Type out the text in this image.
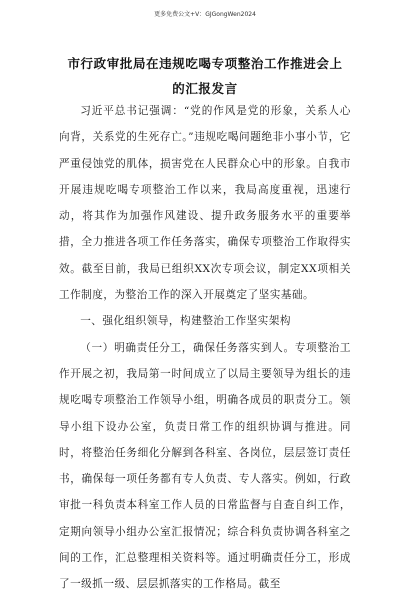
更多免费公文+V：GJGongWen2024
市行政审批局在违规吃喝专项整治工作推进会上的汇报发言

习近平总书记强调：“党的作风是党的形象，关系人心向背，关系党的生死存亡。”违规吃喝问题绝非小事小节，它严重侵蚀党的肌体，损害党在人民群众心中的形象。自我市开展违规吃喝专项整治工作以来，我局高度重视，迅速行动，将其作为加强作风建设、提升政务服务水平的重要举措，全力推进各项工作任务落实，确保专项整治工作取得实效。截至目前，我局已组织XX次专项会议，制定XX项相关工作制度，为整治工作的深入开展奠定了坚实基础。

一、强化组织领导，构建整治工作坚实架构

（一）明确责任分工，确保任务落实到人。专项整治工作开展之初，我局第一时间成立了以局主要领导为组长的违规吃喝专项整治工作领导小组，明确各成员的职责分工。领导小组下设办公室，负责日常工作的组织协调与推进。同时，将整治任务细化分解到各科室、各岗位，层层签订责任书，确保每一项任务都有专人负责、专人落实。例如，行政审批一科负责本科室工作人员的日常监督与自查自纠工作，定期向领导小组办公室汇报情况；综合科负责协调各科室之间的工作，汇总整理相关资料等。通过明确责任分工，形成了一级抓一级、层层抓落实的工作格局。截至
